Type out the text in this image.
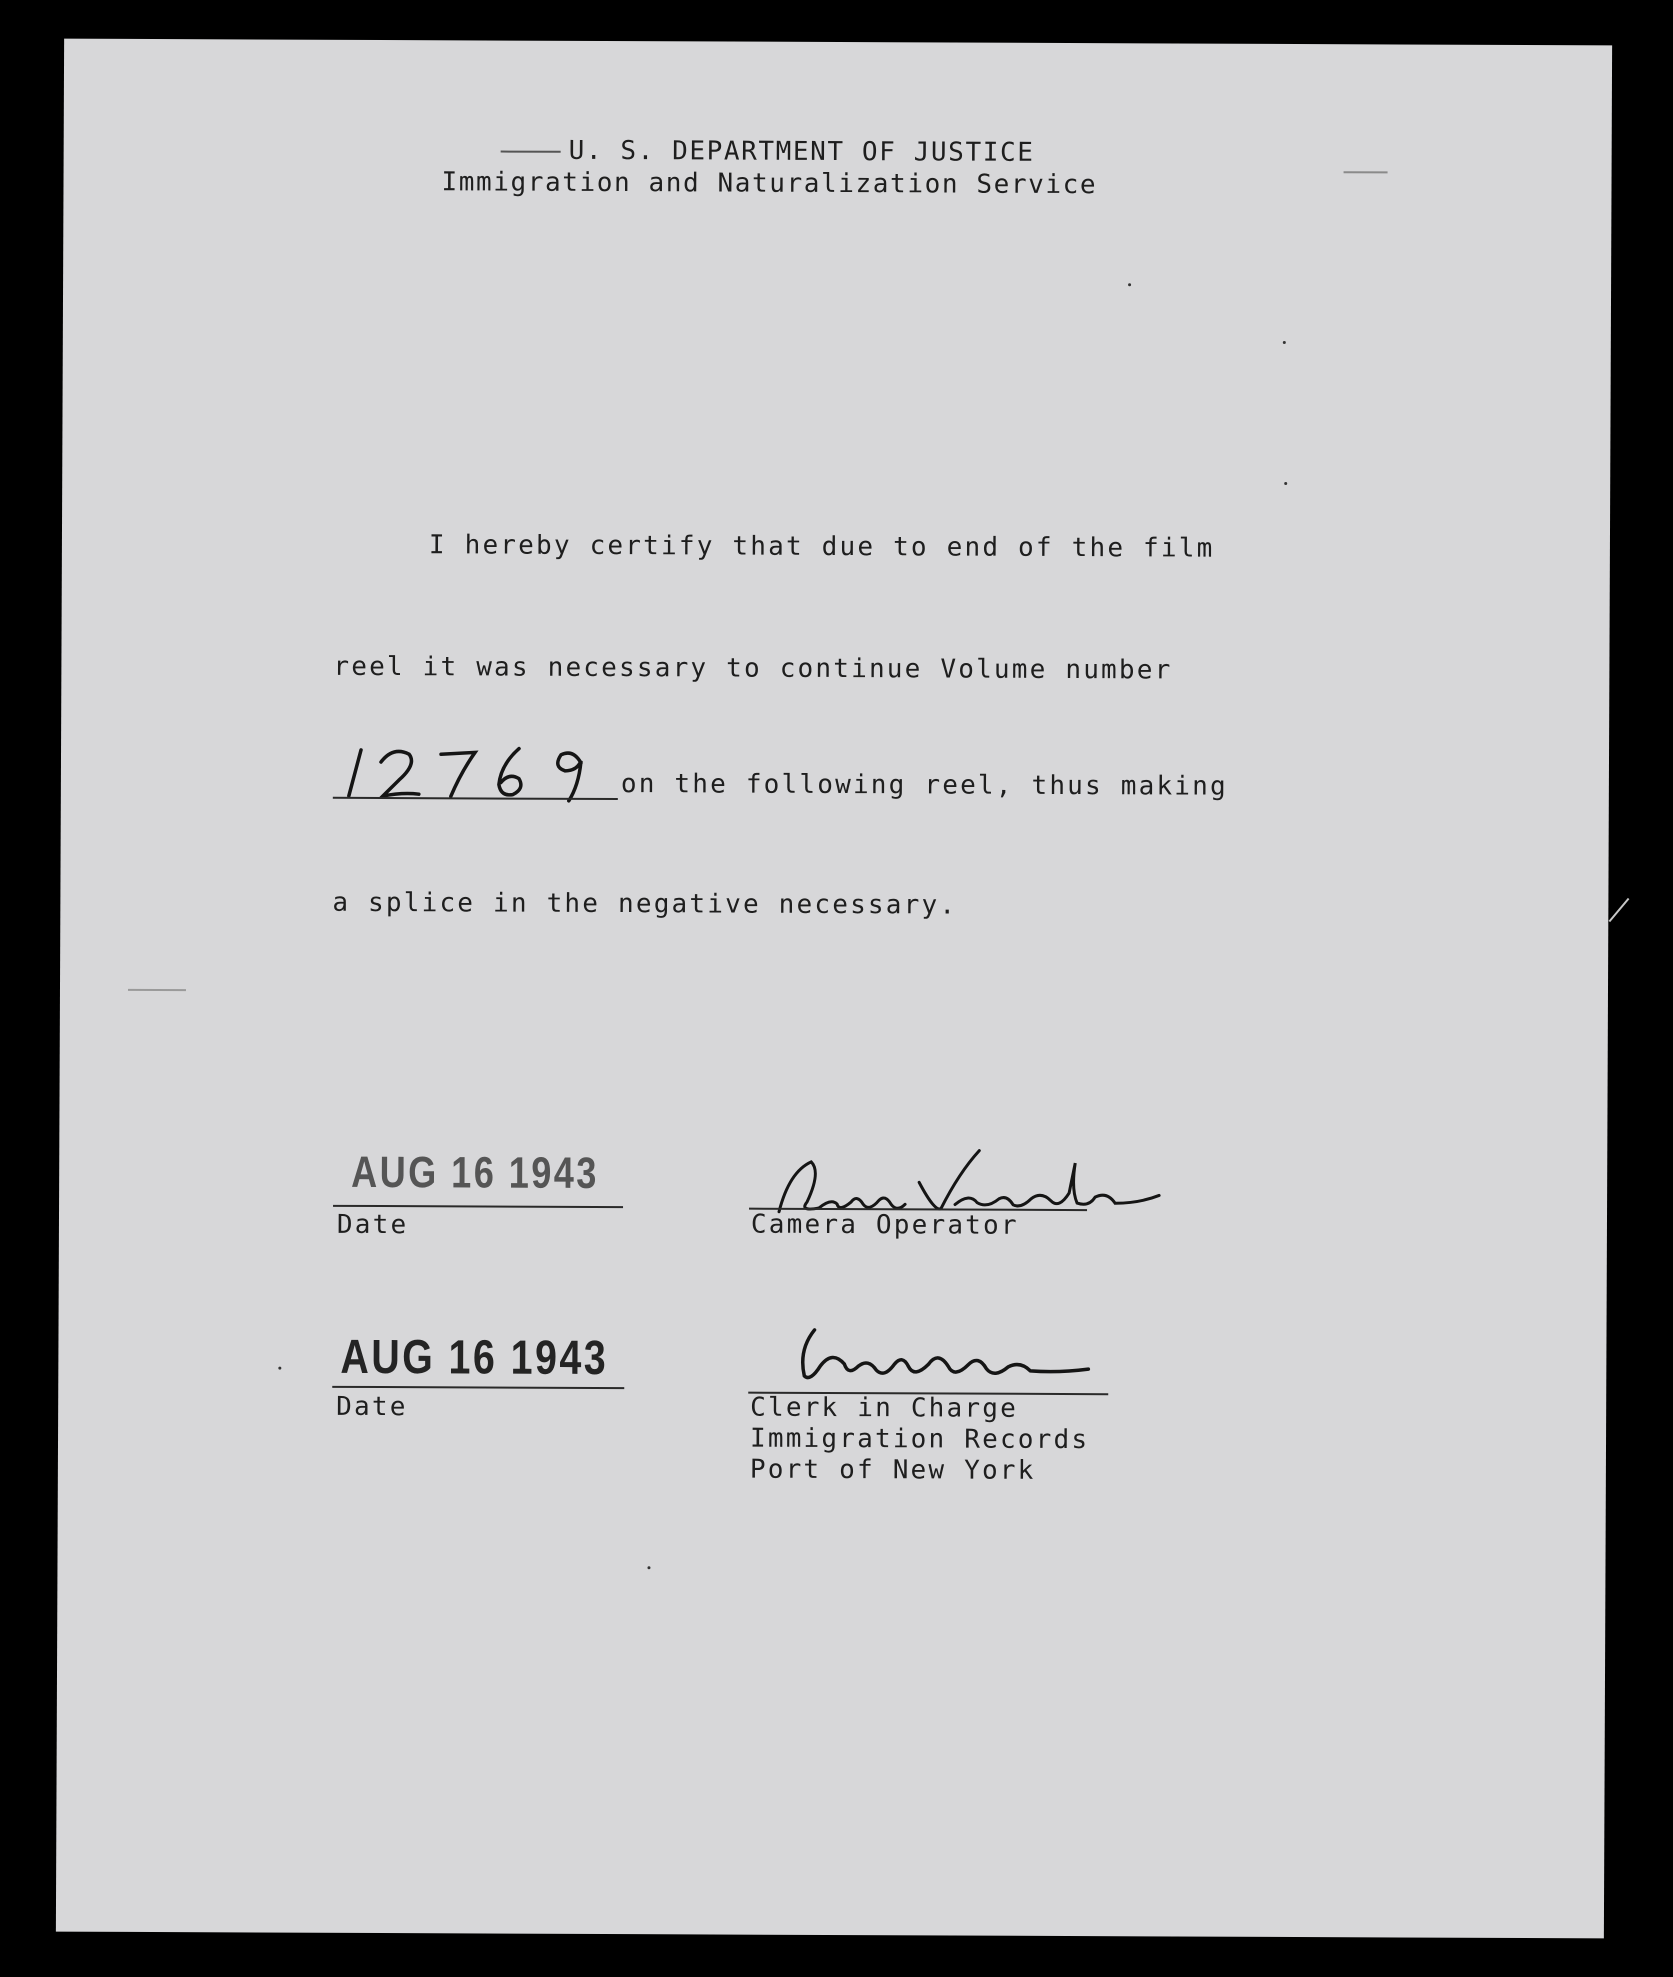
U. S. DEPARTMENT OF JUSTICE
Immigration and Naturalization Service
I hereby certify that due to end of the film
reel it was necessary to continue Volume number
on the following reel, thus making
a splice in the negative necessary.
AUG 16 1943
Date
Anna Varada
Camera Operator
AUG 16 1943
Date	Clerk in Charge
Immigration Records
Port of New York
